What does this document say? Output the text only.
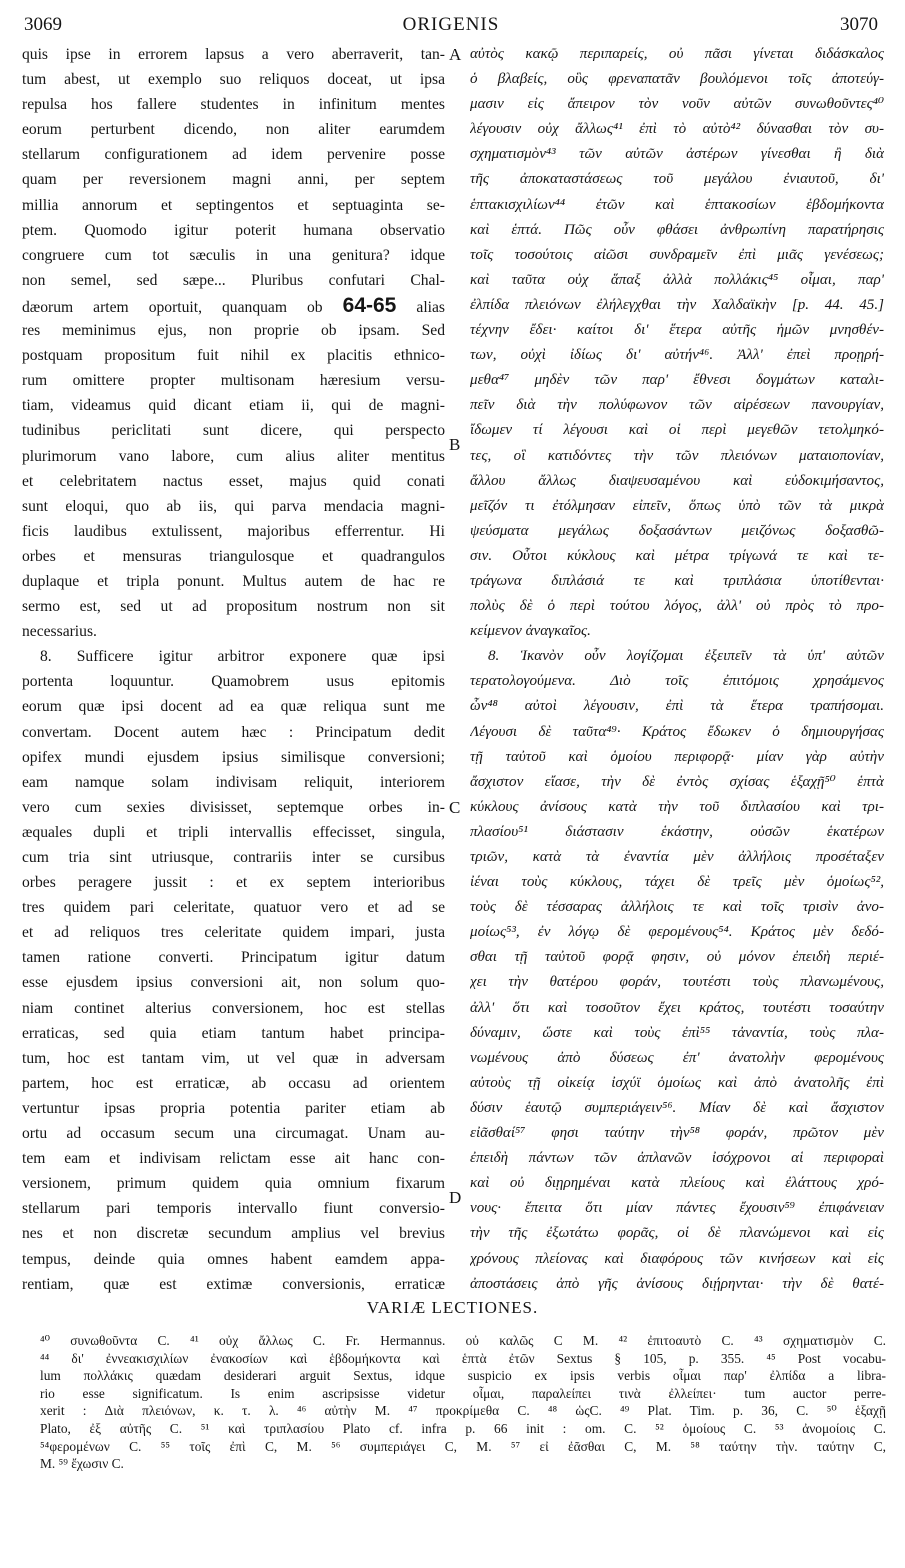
3069	ORIGENIS	3070
quis ipse in errorem lapsus a vero aberraverit, tan-
tum abest, ut exemplo suo reliquos doceat, ut ipsa
repulsa hos fallere studentes in infinitum mentes
eorum perturbent dicendo, non aliter earumdem
stellarum configurationem ad idem pervenire posse
quam per reversionem magni anni, per septem
millia annorum et septingentos et septuaginta se-
ptem. Quomodo igitur poterit humana observatio
congruere cum tot sæculis in una genitura? idque
non semel, sed sæpe... Pluribus confutari Chal-
dæorum artem oportuit, quanquam ob 64-65 alias
res meminimus ejus, non proprie ob ipsam. Sed
postquam propositum fuit nihil ex placitis ethnico-
rum omittere propter multisonam hæresium versu-
tiam, videamus quid dicant etiam ii, qui de magni-
tudinibus periclitati sunt dicere, qui perspecto
plurimorum vano labore, cum alius aliter mentitus
et celebritatem nactus esset, majus quid conati
sunt eloqui, quo ab iis, qui parva mendacia magni-
ficis laudibus extulissent, majoribus efferrentur. Hi
orbes et mensuras triangulosque et quadrangulos
duplaque et tripla ponunt. Multus autem de hac re
sermo est, sed ut ad propositum nostrum non sit
necessarius.
8. Sufficere igitur arbitror exponere quæ ipsi
portenta loquuntur. Quamobrem usus epitomis
eorum quæ ipsi docent ad ea quæ reliqua sunt me
convertam. Docent autem hæc : Principatum dedit
opifex mundi ejusdem ipsius similisque conversioni;
eam namque solam indivisam reliquit, interiorem
vero cum sexies divisisset, septemque orbes in-
æquales dupli et tripli intervallis effecisset, singula,
cum tria sint utriusque, contrariis inter se cursibus
orbes peragere jussit : et ex septem interioribus
tres quidem pari celeritate, quatuor vero et ad se
et ad reliquos tres celeritate quidem impari, justa
tamen ratione converti. Principatum igitur datum
esse ejusdem ipsius conversioni ait, non solum quo-
niam continet alterius conversionem, hoc est stellas
erraticas, sed quia etiam tantum habet principa-
tum, hoc est tantam vim, ut vel quæ in adversam
partem, hoc est erraticæ, ab occasu ad orientem
vertuntur ipsas propria potentia pariter etiam ab
ortu ad occasum secum una circumagat. Unam au-
tem eam et indivisam relictam esse ait hanc con-
versionem, primum quidem quia omnium fixarum
stellarum pari temporis intervallo fiunt conversio-
nes et non discretæ secundum amplius vel brevius
tempus, deinde quia omnes habent eamdem appa-
rentiam, quæ est extimæ conversionis, erraticæ
αὐτὸς κακῷ περιπαρείς, οὐ πᾶσι γίνεται διδάσκαλος
ὁ βλαβείς, οὓς φρεναπατᾶν βουλόμενοι τοῖς ἀποτεύγ-
μασιν εἰς ἄπειρον τὸν νοῦν αὐτῶν συνωθοῦντες⁴⁰
λέγουσιν οὐχ ἄλλως⁴¹ ἐπὶ τὸ αὐτὸ⁴² δύνασθαι τὸν συ-
σχηματισμὸν⁴³ τῶν αὐτῶν ἀστέρων γίνεσθαι ἢ διὰ
τῆς ἀποκαταστάσεως τοῦ μεγάλου ἐνιαυτοῦ, δι'
ἑπτακισχιλίων⁴⁴ ἐτῶν καὶ ἑπτακοσίων ἑβδομήκοντα
καὶ ἑπτά. Πῶς οὖν φθάσει ἀνθρωπίνη παρατήρησις
τοῖς τοσούτοις αἰῶσι συνδραμεῖν ἐπὶ μιᾶς γενέσεως;
καὶ ταῦτα οὐχ ἅπαξ ἀλλὰ πολλάκις⁴⁵ οἶμαι, παρ'
ἐλπίδα πλειόνων ἐλήλεγχθαι τὴν Χαλδαϊκὴν [p. 44. 45.]
τέχνην ἔδει· καίτοι δι' ἕτερα αὐτῆς ἡμῶν μνησθέν-
των, οὐχὶ ἰδίως δι' αὐτήν⁴⁶. Ἀλλ' ἐπεὶ προῃρή-
μεθα⁴⁷ μηδὲν τῶν παρ' ἔθνεσι δογμάτων καταλι-
πεῖν διὰ τὴν πολύφωνον τῶν αἱρέσεων πανουργίαν,
ἴδωμεν τί λέγουσι καὶ οἱ περὶ μεγεθῶν τετολμηκό-
τες, οἳ κατιδόντες τὴν τῶν πλειόνων ματαιοπονίαν,
ἄλλου ἄλλως διαψευσαμένου καὶ εὐδοκιμήσαντος,
μεῖζόν τι ἐτόλμησαν εἰπεῖν, ὅπως ὑπὸ τῶν τὰ μικρὰ
ψεύσματα μεγάλως δοξασάντων μειζόνως δοξασθῶ-
σιν. Οὗτοι κύκλους καὶ μέτρα τρίγωνά τε καὶ τε-
τράγωνα διπλάσιά τε καὶ τριπλάσια ὑποτίθενται·
πολὺς δὲ ὁ περὶ τούτου λόγος, ἀλλ' οὐ πρὸς τὸ προ-
κείμενον ἀναγκαῖος.
8. Ἱκανὸν οὖν λογίζομαι ἐξειπεῖν τὰ ὑπ' αὐτῶν
τερατολογούμενα. Διὸ τοῖς ἐπιτόμοις χρησάμενος
ὧν⁴⁸ αὐτοὶ λέγουσιν, ἐπὶ τὰ ἕτερα τραπήσομαι.
Λέγουσι δὲ ταῦτα⁴⁹· Κράτος ἔδωκεν ὁ δημιουργήσας
τῇ ταὐτοῦ καὶ ὁμοίου περιφορᾷ· μίαν γὰρ αὐτὴν
ἄσχιστον εἴασε, τὴν δὲ ἐντὸς σχίσας ἑξαχῇ⁵⁰ ἑπτὰ
κύκλους ἀνίσους κατὰ τὴν τοῦ διπλασίου καὶ τρι-
πλασίου⁵¹ διάστασιν ἑκάστην, οὐσῶν ἑκατέρων
τριῶν, κατὰ τὰ ἐναντία μὲν ἀλλήλοις προσέταξεν
ἰέναι τοὺς κύκλους, τάχει δὲ τρεῖς μὲν ὁμοίως⁵²,
τοὺς δὲ τέσσαρας ἀλλήλοις τε καὶ τοῖς τρισὶν ἀνο-
μοίως⁵³, ἐν λόγῳ δὲ φερομένους⁵⁴. Κράτος μὲν δεδό-
σθαι τῇ ταὐτοῦ φορᾷ φησιν, οὐ μόνον ἐπειδὴ περιέ-
χει τὴν θατέρου φοράν, τουτέστι τοὺς πλανωμένους,
ἀλλ' ὅτι καὶ τοσοῦτον ἔχει κράτος, τουτέστι τοσαύτην
δύναμιν, ὥστε καὶ τοὺς ἐπὶ⁵⁵ τἀναντία, τοὺς πλα-
νωμένους ἀπὸ δύσεως ἐπ' ἀνατολὴν φερομένους
αὐτοὺς τῇ οἰκείᾳ ἰσχύϊ ὁμοίως καὶ ἀπὸ ἀνατολῆς ἐπὶ
δύσιν ἑαυτῷ συμπεριάγειν⁵⁶. Μίαν δὲ καὶ ἄσχιστον
εἰᾶσθαί⁵⁷ φησι ταύτην τὴν⁵⁸ φοράν, πρῶτον μὲν
ἐπειδὴ πάντων τῶν ἀπλανῶν ἰσόχρονοι αἱ περιφοραὶ
καὶ οὐ διῃρημέναι κατὰ πλείους καὶ ἐλάττους χρό-
νους· ἔπειτα ὅτι μίαν πάντες ἔχουσιν⁵⁹ ἐπιφάνειαν
τὴν τῆς ἐξωτάτω φορᾶς, οἱ δὲ πλανώμενοι καὶ εἰς
χρόνους πλείονας καὶ διαφόρους τῶν κινήσεων καὶ εἰς
ἀποστάσεις ἀπὸ γῆς ἀνίσους διῄρηνται· τὴν δὲ θατέ-
A
B
C
D
VARIÆ LECTIONES.
⁴⁰ συνωθοῦντα C. ⁴¹ οὐχ ἄλλως C. Fr. Hermannus. οὐ καλῶς C M. ⁴² ἐπιτοαυτὸ C. ⁴³ σχηματισμὸν C.
⁴⁴ δι' ἐννεακισχιλίων ἐνακοσίων καὶ ἑβδομήκοντα καὶ ἑπτὰ ἐτῶν Sextus § 105, p. 355. ⁴⁵ Post vocabu-
lum πολλάκις quædam desiderari arguit Sextus, idque suspicio ex ipsis verbis οἶμαι παρ' ἐλπίδα a libra-
rio esse significatum. Is enim ascripsisse videtur οἶμαι, παραλείπει τινὰ ἐλλείπει· tum auctor perre-
xerit : Διὰ πλειόνων, κ. τ. λ. ⁴⁶ αὐτὴν M. ⁴⁷ προκρίμεθα C. ⁴⁸ ὡςC. ⁴⁹ Plat. Tim. p. 36, C. ⁵⁰ ἑξαχῇ
Plato, ἐξ αὐτῆς C. ⁵¹ καὶ τριπλασίου Plato cf. infra p. 66 init : om. C. ⁵² ὁμοίους C. ⁵³ ἀνομοίοις C.
⁵⁴φερομένων C. ⁵⁵ τοῖς ἐπὶ C, M. ⁵⁶ συμπεριάγει C, M. ⁵⁷ εἰ ἐᾶσθαι C, M. ⁵⁸ ταύτην τὴν. ταύτην C,
M. ⁵⁹ ἔχωσιν C.
